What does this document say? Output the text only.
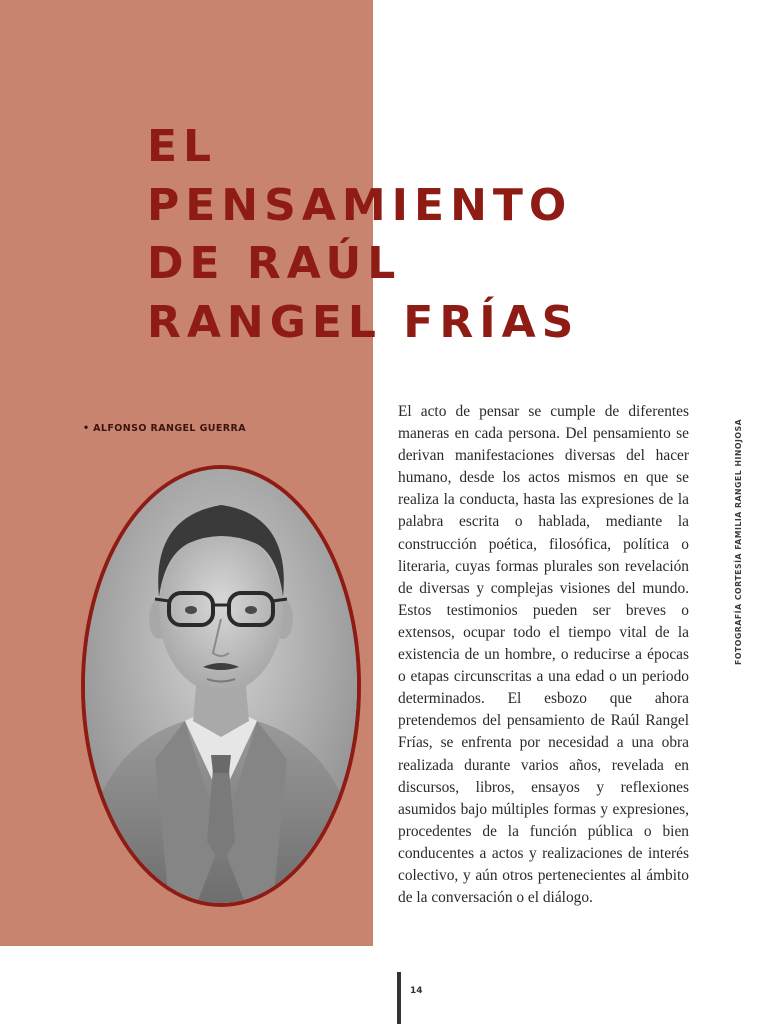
EL
PENSAMIENTO
DE RAÚL
RANGEL FRÍAS
• ALFONSO RANGEL GUERRA

El acto de pensar se cumple de diferentes maneras en cada persona. Del pensamiento se derivan manifestaciones diversas del hacer humano, desde los actos mismos en que se realiza la conducta, hasta las expresiones de la palabra escrita o hablada, mediante la construcción poética, filosófica, política o literaria, cuyas formas plurales son revelación de diversas y complejas visiones del mundo. Estos testimonios pueden ser breves o extensos, ocupar todo el tiempo vital de la existencia de un hombre, o reducirse a épocas o etapas circunscritas a una edad o un periodo determinados. El esbozo que ahora pretendemos del pensamiento de Raúl Rangel Frías, se enfrenta por necesidad a una obra realizada durante varios años, revelada en discursos, libros, ensayos y reflexiones asumidos bajo múltiples formas y expresiones, procedentes de la función pública o bien conducentes a actos y realizaciones de interés colectivo, y aún otros pertenecientes al ámbito de la conversación o el diálogo.

FOTOGRAFÍA CORTESÍA FAMILIA RANGEL HINOJOSA
14
